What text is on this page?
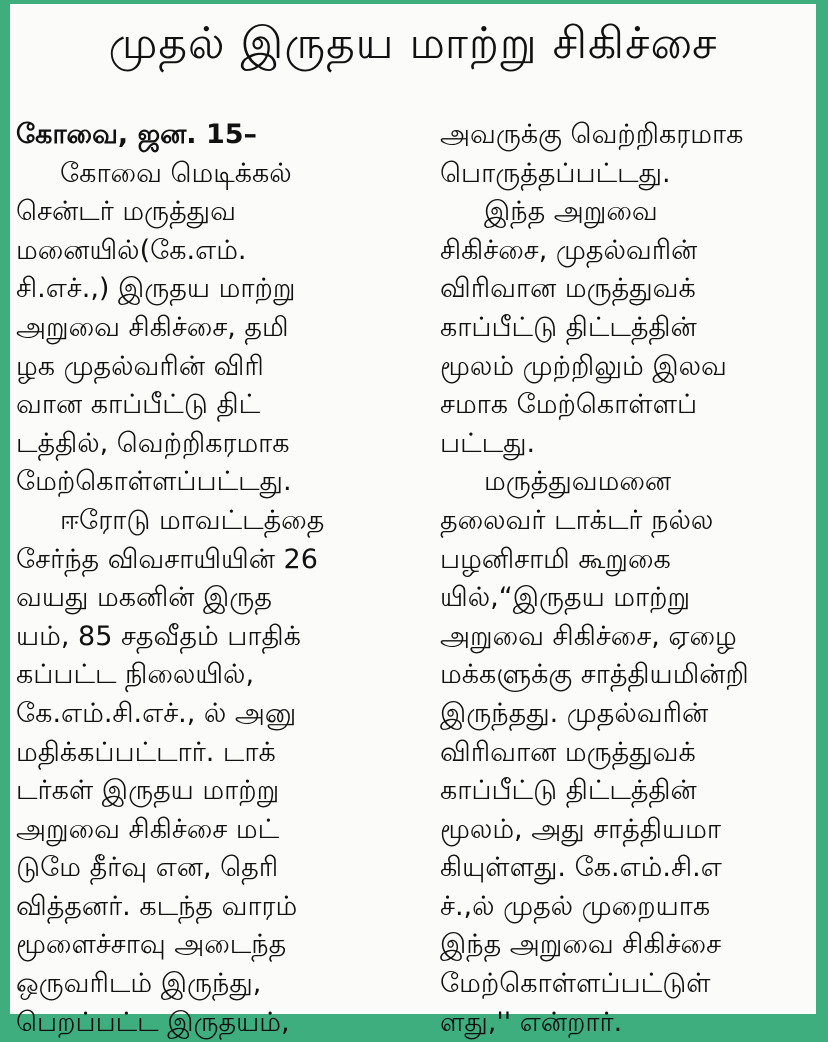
முதல் இருதய மாற்று சிகிச்சை
கோவை, ஜன. 15–
கோவை மெடிக்கல்
சென்டர் மருத்துவ
மனையில்(கே.எம்.
சி.எச்.,) இருதய மாற்று
அறுவை சிகிச்சை, தமி
ழக முதல்வரின் விரி
வான காப்பீட்டு திட்
டத்தில், வெற்றிகரமாக
மேற்கொள்ளப்பட்டது.
ஈரோடு மாவட்டத்தை
சேர்ந்த விவசாயியின் 26
வயது மகனின் இருத
யம், 85 சதவீதம் பாதிக்
கப்பட்ட நிலையில்,
கே.எம்.சி.எச்., ல் அனு
மதிக்கப்பட்டார். டாக்
டர்கள் இருதய மாற்று
அறுவை சிகிச்சை மட்
டுமே தீர்வு என, தெரி
வித்தனர். கடந்த வாரம்
மூளைச்சாவு அடைந்த
ஒருவரிடம் இருந்து,
பெறப்பட்ட இருதயம்,
அவருக்கு வெற்றிகரமாக
பொருத்தப்பட்டது.
இந்த அறுவை
சிகிச்சை, முதல்வரின்
விரிவான மருத்துவக்
காப்பீட்டு திட்டத்தின்
மூலம் முற்றிலும் இலவ
சமாக மேற்கொள்ளப்
பட்டது.
மருத்துவமனை
தலைவர் டாக்டர் நல்ல
பழனிசாமி கூறுகை
யில்,“இருதய மாற்று
அறுவை சிகிச்சை, ஏழை
மக்களுக்கு சாத்தியமின்றி
இருந்தது. முதல்வரின்
விரிவான மருத்துவக்
காப்பீட்டு திட்டத்தின்
மூலம், அது சாத்தியமா
கியுள்ளது. கே.எம்.சி.எ
ச்.,ல் முதல் முறையாக
இந்த அறுவை சிகிச்சை
மேற்கொள்ளப்பட்டுள்
ளது,'' என்றார்.
